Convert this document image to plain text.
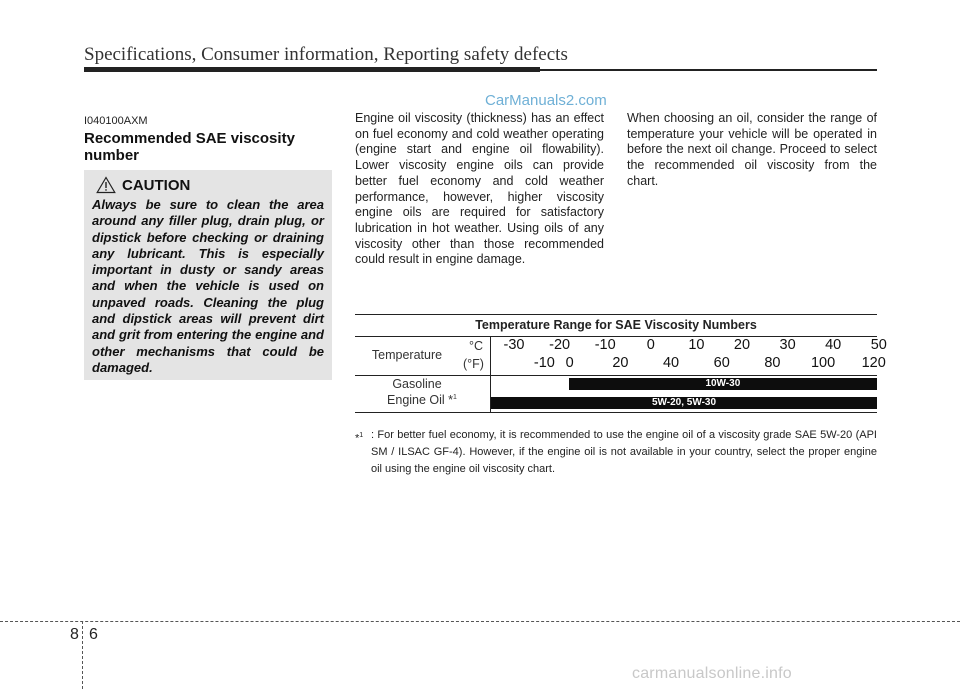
Specifications, Consumer information, Reporting safety defects
CarManuals2.com
I040100AXM
Recommended SAE viscosity number
CAUTION
Always be sure to clean the area around any filler plug, drain plug, or dipstick before checking or draining any lubricant. This is especially important in dusty or sandy areas and when the vehicle is used on unpaved roads. Cleaning the plug and dipstick areas will prevent dirt and grit from entering the engine and other mechanisms that could be damaged.
Engine oil viscosity (thickness) has an effect on fuel economy and cold weather operating (engine start and engine oil flowability). Lower viscosity engine oils can provide better fuel economy and cold weather performance, however, higher viscosity engine oils are required for satisfactory lubrication in hot weather. Using oils of any viscosity other than those recommended could result in engine damage.
When choosing an oil, consider the range of temperature your vehicle will be operated in before the next oil change. Proceed to select the recommended oil viscosity from the chart.
Temperature Range for SAE Viscosity Numbers
Temperature
°C
(°F)
-30 -20 -10 0 10 20 30 40 50
-10 0	20 40 60 80 100 120
Gasoline
Engine Oil *$^1$
10W-30
5W-20, 5W-30
*$^1$ : For better fuel economy, it is recommended to use the engine oil of a viscosity grade SAE 5W-20 (API SM / ILSAC GF-4). However, if the engine oil is not available in your country, select the proper engine oil using the engine oil viscosity chart.
8 6
carmanualsonline.info
